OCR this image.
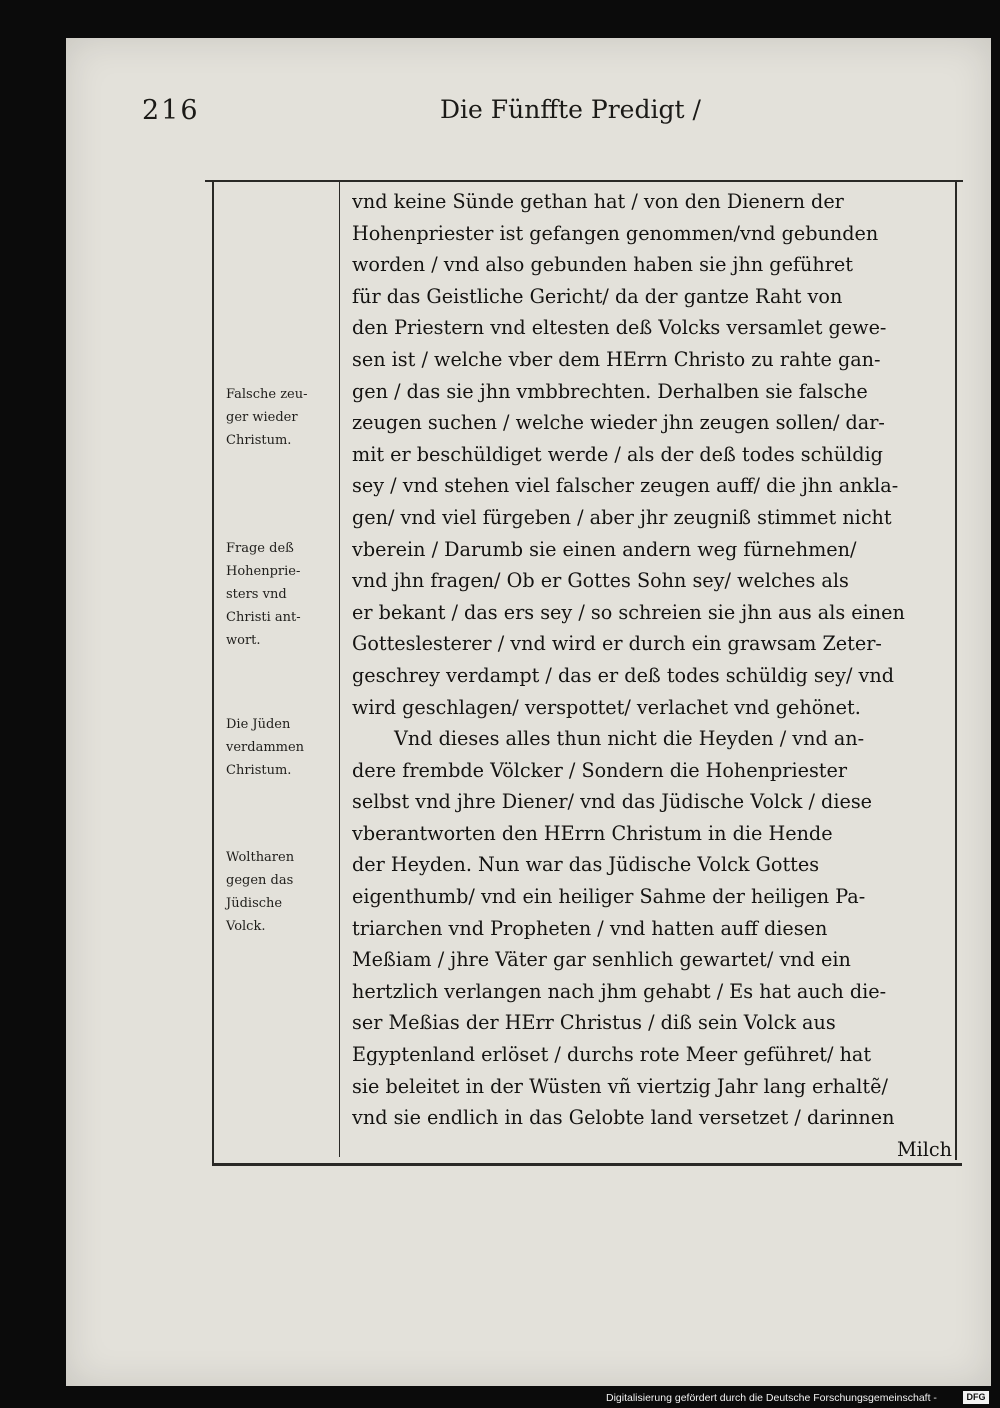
216	Die Fünffte Predigt /
Falsche zeu-
ger wieder
Christum.
Frage deß
Hohenprie-
sters vnd
Christi ant-
wort.
Die Jüden
verdammen
Christum.
Woltharen
gegen das
Jüdische
Volck.
vnd keine Sünde gethan hat / von den Dienern der
Hohenpriester ist gefangen genommen/vnd gebunden
worden / vnd also gebunden haben sie jhn geführet
für das Geistliche Gericht/ da der gantze Raht von
den Priestern vnd eltesten deß Volcks versamlet gewe-
sen ist / welche vber dem HErrn Christo zu rahte gan-
gen / das sie jhn vmbbrechten. Derhalben sie falsche
zeugen suchen / welche wieder jhn zeugen sollen/ dar-
mit er beschüldiget werde / als der deß todes schüldig
sey / vnd stehen viel falscher zeugen auff/ die jhn ankla-
gen/ vnd viel fürgeben / aber jhr zeugniß stimmet nicht
vberein / Darumb sie einen andern weg fürnehmen/
vnd jhn fragen/ Ob er Gottes Sohn sey/ welches als
er bekant / das ers sey / so schreien sie jhn aus als einen
Gotteslesterer / vnd wird er durch ein grawsam Zeter-
geschrey verdampt / das er deß todes schüldig sey/ vnd
wird geschlagen/ verspottet/ verlachet vnd gehönet.
Vnd dieses alles thun nicht die Heyden / vnd an-
dere frembde Völcker / Sondern die Hohenpriester
selbst vnd jhre Diener/ vnd das Jüdische Volck / diese
vberantworten den HErrn Christum in die Hende
der Heyden. Nun war das Jüdische Volck Gottes
eigenthumb/ vnd ein heiliger Sahme der heiligen Pa-
triarchen vnd Propheten / vnd hatten auff diesen
Meßiam / jhre Väter gar senhlich gewartet/ vnd ein
hertzlich verlangen nach jhm gehabt / Es hat auch die-
ser Meßias der HErr Christus / diß sein Volck aus
Egyptenland erlöset / durchs rote Meer geführet/ hat
sie beleitet in der Wüsten vñ viertzig Jahr lang erhaltẽ/
vnd sie endlich in das Gelobte land versetzet / darinnen
Milch
Digitalisierung gefördert durch die Deutsche Forschungsgemeinschaft -	DFG
